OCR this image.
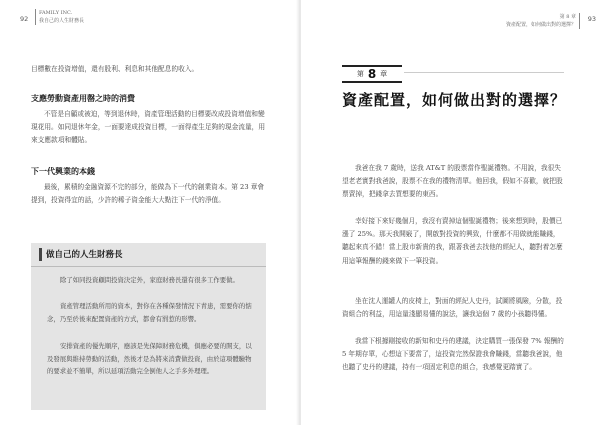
92
FAMILY INC.
我自己的人生財務長
目標數在投資增值，還有股利、利息和其他配息的收入。
支應勞動資產用罄之時的消費
不管是自顧或被迫，等到退休時，資產管理活動的目標要改成投資增值和變現花用。如同退休年金，一面要達成投資目標，一面得產生足夠的現金流量，用來支應款項和體貼。
下一代興業的本錢
最後，累積的金融資源不完的部分，能做為下一代的創業資本。第 23 章會提到，投資得宜的話，少許的稀子資金能大大點注下一代的淨值。
做自己的人生財務長
除了如同投資顧問投資決定外，家庭財務長還有很多工作要做。
資產管理活動所用的資本，對你在各種保發情況下青患，需要你的惦念，乃至於後來配置資產的方式，都會有罰惹的形響。
安排資產的優先順序，應該是先保障財務危機，俱應必要的開支，以及發展與維持勞動的活動，然後才是為將來消費做投資，由於這項體驗物的要求並不簡單，所以延項活動完全倒他人之手多外理理。
第 8 章
資產配置，如何做出對的選擇？
93
第 8 章
資產配置，如何做出對的選擇？
我爸在我 7 歲時，送我 AT&T 的股票當作聖誕禮物。不用說，我很失望老老實對我爸說，股票不在我的禮物清單。他回我，假如不喜歡，就把股票賣掉，把錢拿去買想要的東西。
幸好接下來好幾個月，我沒有賣掉這個聖誕禮物；後來想到時，股價已漲了 25%。那天我開竅了，開啟對投資的興致，什麼都不用做就能賺錢，聽起來真不錯！當上股市新貴的我，跟著我爸去找他的經紀人，聽對着怎麼用這筆報酬的錢來做下一筆投資。
坐在沈人運罐人的皮椅上，對面的經紀人史丹，試圖將風險，分散，投資組合的利益，用這量淺顯易懂的說法，讓我這個 7 歲的小孩聽得懂。
我當下根據剛接收的新知和史丹的建議，決定購買一張保發 7% 報酬的 5 年期存單，心想這下要當了，這投資完然保證我會賺錢，當聽我爸說，他也聽了史丹的建議，持有一項固定利息的組合，我感覺更踏實了。
